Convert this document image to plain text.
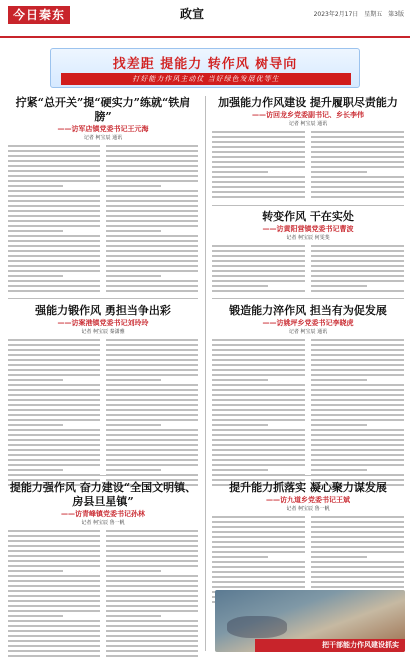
今日秦东	政宣	2023年2月17日 星期五 第3版
找差距 提能力 转作风 树导向
打好能力作风主动仗 当好绿色发展优等生
拧紧“总开关”提“硬实力”练就“铁肩膀”
——访军店镇党委书记王元海
记者 柯宝辰 通讯
加强能力作风建设 提升履职尽责能力
——访回龙乡党委副书记、乡长李伟
记者 柯宝辰 通讯
转变作风 干在实处
——访黄阳营镇党委书记曹波
记者 柯宝辰 何雯斐
强能力锻作风 勇担当争出彩
——访案港镇党委书记刘玲玲
记者 柯宝辰 秦潇雅
锻造能力淬作风 担当有为促发展
——访姚坪乡党委书记李晓虎
记者 柯宝辰 通讯
提能力强作风 奋力建设“全国文明镇、房县旦星镇”
——访青峰镇党委书记孙林
记者 柯宝辰 鲁一帆
提升能力抓落实 凝心聚力谋发展
——访九道乡党委书记王斌
记者 柯宝辰 鲁一帆
把干部能力作风建设抓实
